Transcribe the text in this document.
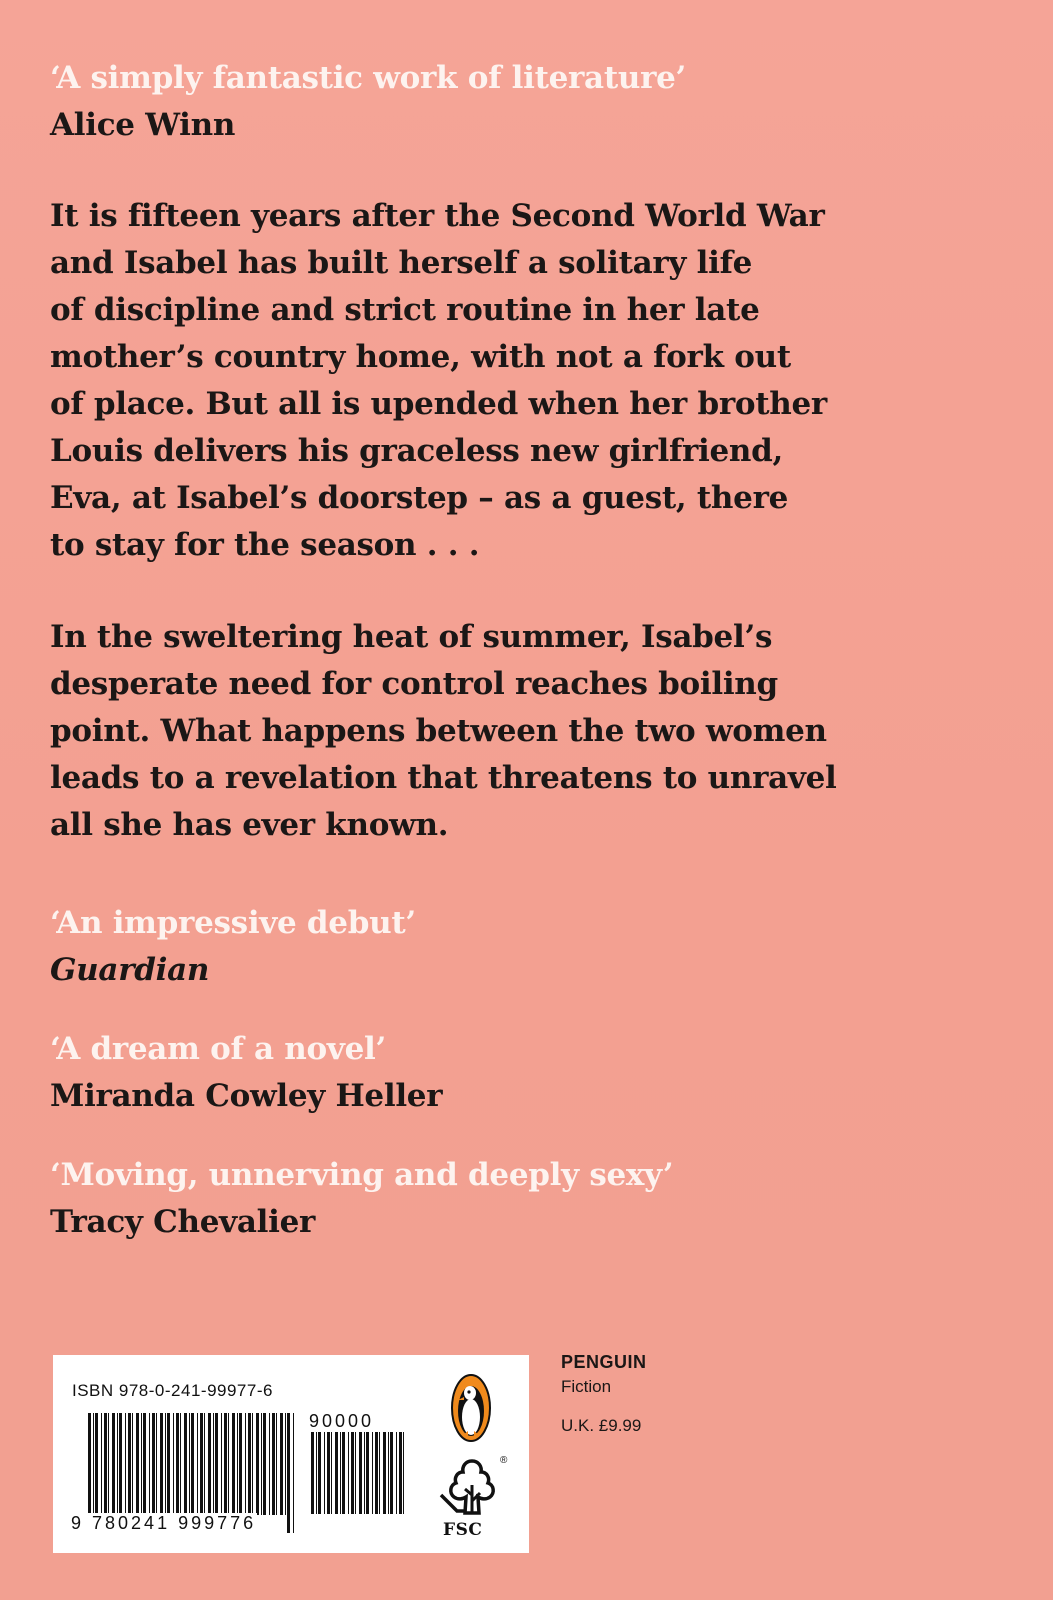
‘A simply fantastic work of literature’
Alice Winn
It is fifteen years after the Second World War
and Isabel has built herself a solitary life
of discipline and strict routine in her late
mother’s country home, with not a fork out
of place. But all is upended when her brother
Louis delivers his graceless new girlfriend,
Eva, at Isabel’s doorstep – as a guest, there
to stay for the season . . .
In the sweltering heat of summer, Isabel’s
desperate need for control reaches boiling
point. What happens between the two women
leads to a revelation that threatens to unravel
all she has ever known.
‘An impressive debut’
Guardian
‘A dream of a novel’
Miranda Cowley Heller
‘Moving, unnerving and deeply sexy’
Tracy Chevalier
ISBN 978-0-241-99977-6
9 780241 999776
90000
®
FSC
PENGUIN
Fiction
U.K. £9.99
